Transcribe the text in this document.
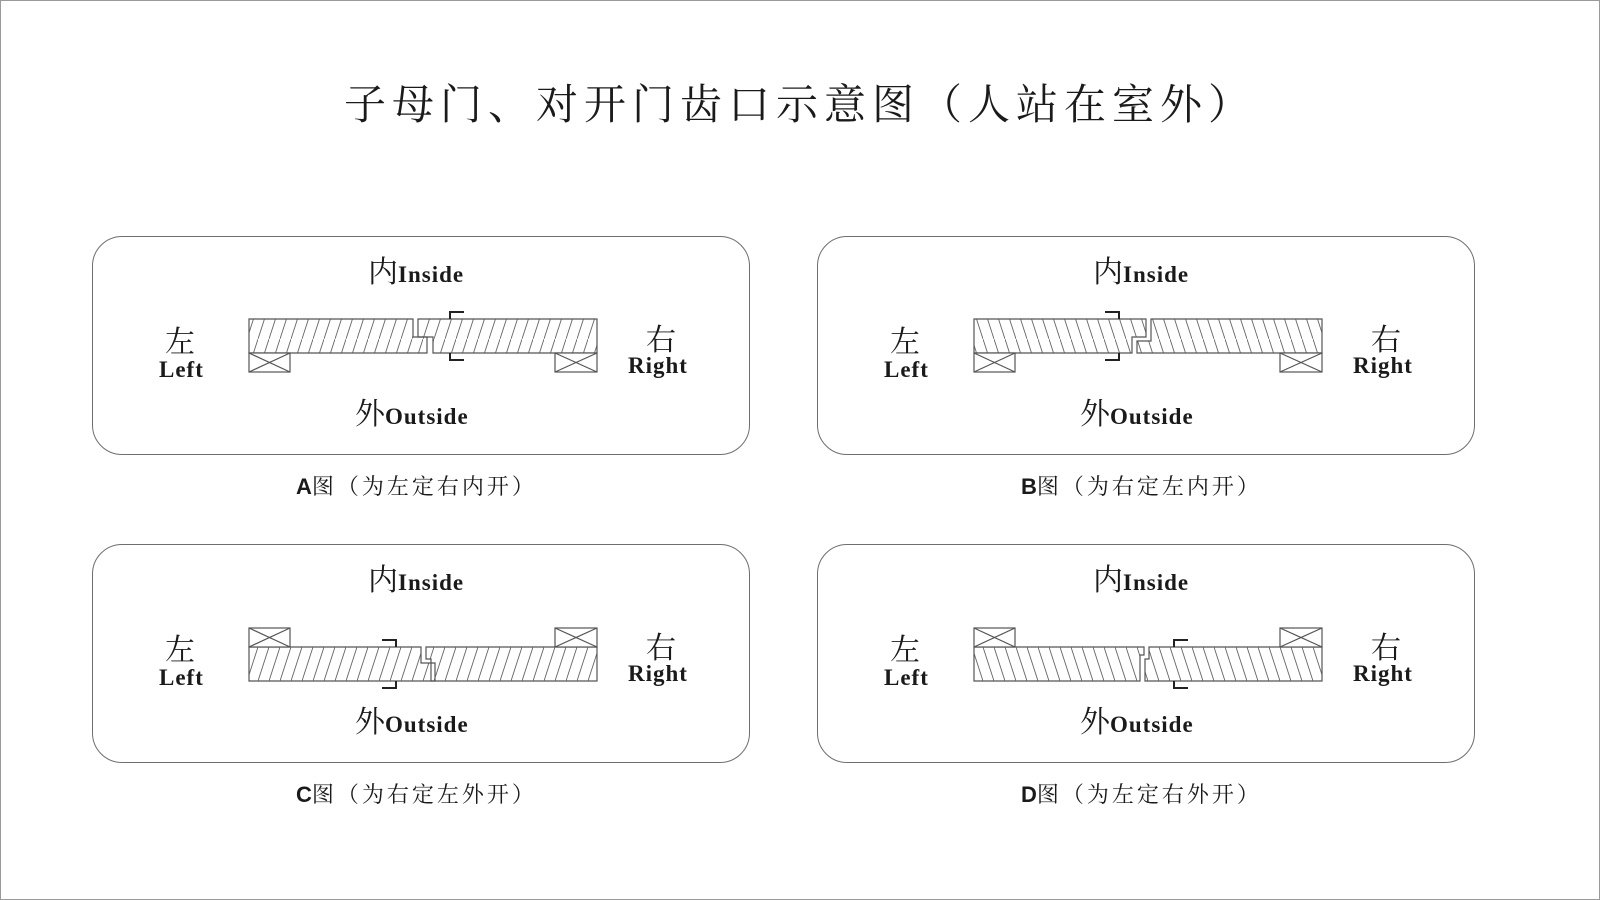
子母门、对开门齿口示意图（人站在室外）
内Inside
外Outside
左
Left
右
Right
A图（为左定右内开）
内Inside
外Outside
左
Left
右
Right
B图（为右定左内开）
内Inside
外Outside
左
Left
右
Right
C图（为右定左外开）
内Inside
外Outside
左
Left
右
Right
D图（为左定右外开）
